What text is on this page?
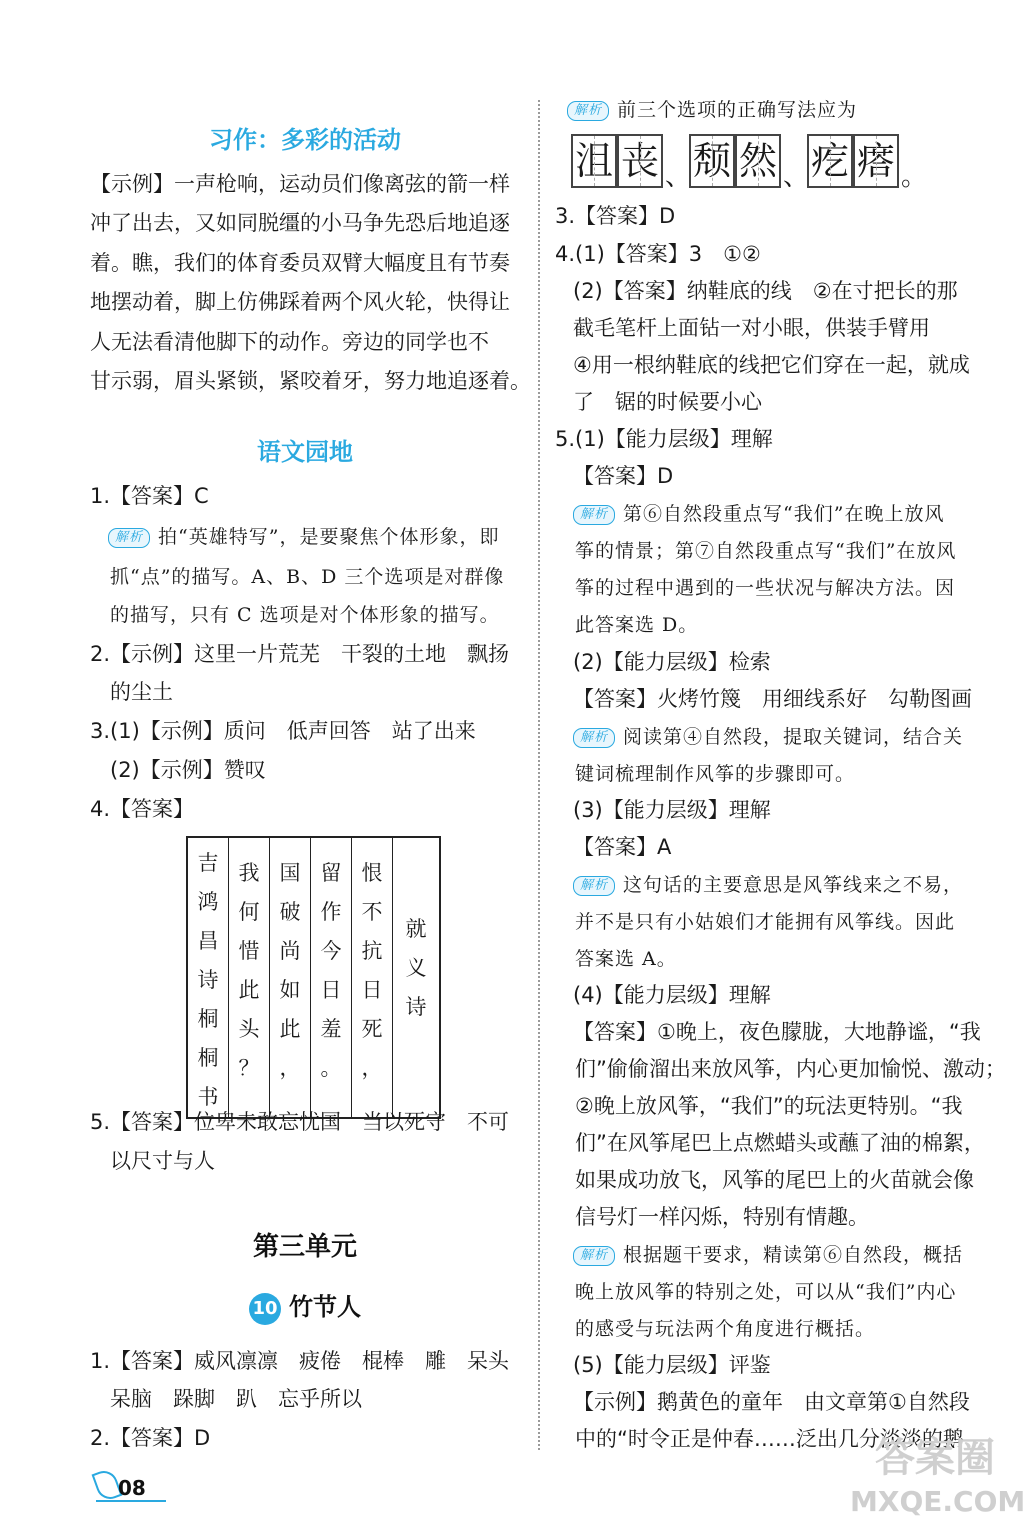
习作：多彩的活动
【示例】一声枪响，运动员们像离弦的箭一样
冲了出去，又如同脱缰的小马争先恐后地追逐
着。瞧，我们的体育委员双臂大幅度且有节奏
地摆动着，脚上仿佛踩着两个风火轮，快得让
人无法看清他脚下的动作。旁边的同学也不
甘示弱，眉头紧锁，紧咬着牙，努力地追逐着。
语文园地
1.【答案】C
解析 拍“英雄特写”，是要聚焦个体形象，即
抓“点”的描写。A、B、D 三个选项是对群像
的描写，只有 C 选项是对个体形象的描写。
2.【示例】这里一片荒芜　干裂的土地　飘扬
的尘土
3.(1)【示例】质问　低声回答　站了出来
(2)【示例】赞叹
4.【答案】
吉
鸿
昌
诗
桐
桐
书

我
何
惜
此
头
？

国
破
尚
如
此
，

留
作
今
日
羞
。

恨
不
抗
日
死
，

就
义
诗
5.【答案】位卑未敢忘忧国　当以死守　不可
以尺寸与人
第三单元
10 竹节人
1.【答案】威风凛凛　疲倦　棍棒　雕　呆头
呆脑　跺脚　趴　忘乎所以
2.【答案】D
解析 前三个选项的正确写法应为
沮 丧 、 颓 然 、 疙 瘩 。
3.【答案】D
4.(1)【答案】3　①②
(2)【答案】纳鞋底的线　②在寸把长的那
截毛笔杆上面钻一对小眼，供装手臂用
④用一根纳鞋底的线把它们穿在一起，就成
了　锯的时候要小心
5.(1)【能力层级】理解
【答案】D
解析 第⑥自然段重点写“我们”在晚上放风
筝的情景；第⑦自然段重点写“我们”在放风
筝的过程中遇到的一些状况与解决方法。因
此答案选 D。
(2)【能力层级】检索
【答案】火烤竹篾　用细线系好　勾勒图画
解析 阅读第④自然段，提取关键词，结合关
键词梳理制作风筝的步骤即可。
(3)【能力层级】理解
【答案】A
解析 这句话的主要意思是风筝线来之不易，
并不是只有小姑娘们才能拥有风筝线。因此
答案选 A。
(4)【能力层级】理解
【答案】①晚上，夜色朦胧，大地静谧，“我
们”偷偷溜出来放风筝，内心更加愉悦、激动；
②晚上放风筝，“我们”的玩法更特别。“我
们”在风筝尾巴上点燃蜡头或蘸了油的棉絮，
如果成功放飞，风筝的尾巴上的火苗就会像
信号灯一样闪烁，特别有情趣。
解析 根据题干要求，精读第⑥自然段，概括
晚上放风筝的特别之处，可以从“我们”内心
的感受与玩法两个角度进行概括。
(5)【能力层级】评鉴
【示例】鹅黄色的童年　由文章第①自然段
中的“时令正是仲春……泛出几分淡淡的鹅
08
答案圈
MXQE.COM
